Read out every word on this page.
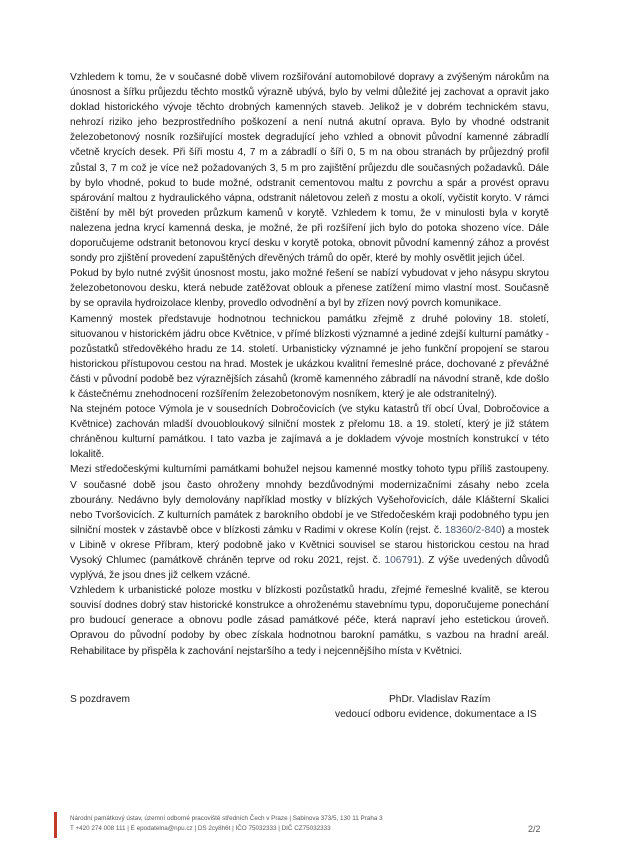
Vzhledem k tomu, že v současné době vlivem rozšiřování automobilové dopravy a zvýšeným nárokům na únosnost a šířku průjezdu těchto mostků výrazně ubývá, bylo by velmi důležité jej zachovat a opravit jako doklad historického vývoje těchto drobných kamenných staveb. Jelikož je v dobrém technickém stavu, nehrozí riziko jeho bezprostředního poškození a není nutná akutní oprava. Bylo by vhodné odstranit železobetonový nosník rozšiřující mostek degradující jeho vzhled a obnovit původní kamenné zábradlí včetně krycích desek. Při šíři mostu 4, 7 m a zábradlí o šíři 0, 5 m na obou stranách by průjezdný profil zůstal 3, 7 m což je více než požadovaných 3, 5 m pro zajištění průjezdu dle současných požadavků. Dále by bylo vhodné, pokud to bude možné, odstranit cementovou maltu z povrchu a spár a provést opravu spárování maltou z hydraulického vápna, odstranit náletovou zeleň z mostu a okolí, vyčistit koryto. V rámci čištění by měl být proveden průzkum kamenů v korytě. Vzhledem k tomu, že v minulosti byla v korytě nalezena jedna krycí kamenná deska, je možné, že při rozšíření jich bylo do potoka shozeno více. Dále doporučujeme odstranit betonovou krycí desku v korytě potoka, obnovit původní kamenný zához a provést sondy pro zjištění provedení zapuštěných dřevěných trámů do opěr, které by mohly osvětlit jejich účel.

Pokud by bylo nutné zvýšit únosnost mostu, jako možné řešení se nabízí vybudovat v jeho násypu skrytou železobetonovou desku, která nebude zatěžovat oblouk a přenese zatížení mimo vlastní most. Současně by se opravila hydroizolace klenby, provedlo odvodnění a byl by zřízen nový povrch komunikace.

Kamenný mostek představuje hodnotnou technickou památku zřejmě z druhé poloviny 18. století, situovanou v historickém jádru obce Květnice, v přímé blízkosti významné a jediné zdejší kulturní památky - pozůstatků středověkého hradu ze 14. století. Urbanisticky významné je jeho funkční propojení se starou historickou přístupovou cestou na hrad. Mostek je ukázkou kvalitní řemeslné práce, dochované z převážné části v původní podobě bez výraznějších zásahů (kromě kamenného zábradlí na návodní straně, kde došlo k částečnému znehodnocení rozšířením železobetonovým nosníkem, který je ale odstranitelný).

Na stejném potoce Výmola je v sousedních Dobročovicích (ve styku katastrů tří obcí Úval, Dobročovice a Květnice) zachován mladší dvouobloukový silniční mostek z přelomu 18. a 19. století, který je již státem chráněnou kulturní památkou. I tato vazba je zajímavá a je dokladem vývoje mostních konstrukcí v této lokalitě.

Mezi středočeskými kulturními památkami bohužel nejsou kamenné mostky tohoto typu příliš zastoupeny. V současné době jsou často ohroženy mnohdy bezdůvodnými modernizačními zásahy nebo zcela zbourány. Nedávno byly demolovány například mostky v blízkých Vyšehořovicích, dále Klášterní Skalici nebo Tvoršovicích. Z kulturních památek z barokního období je ve Středočeském kraji podobného typu jen silniční mostek v zástavbě obce v blízkosti zámku v Radimi v okrese Kolín (rejst. č. 18360/2-840) a mostek v Libině v okrese Příbram, který podobně jako v Květnici souvisel se starou historickou cestou na hrad Vysoký Chlumec (památkově chráněn teprve od roku 2021, rejst. č. 106791). Z výše uvedených důvodů vyplývá, že jsou dnes již celkem vzácné.

Vzhledem k urbanistické poloze mostku v blízkosti pozůstatků hradu, zřejmé řemeslné kvalitě, se kterou souvisí dodnes dobrý stav historické konstrukce a ohroženému stavebnímu typu, doporučujeme ponechání pro budoucí generace a obnovu podle zásad památkové péče, která napraví jeho estetickou úroveň. Opravou do původní podoby by obec získala hodnotnou barokní památku, s vazbou na hradní areál. Rehabilitace by přispěla k zachování nejstaršího a tedy i nejcennějšího místa v Květnici.

S pozdravem	PhDr. Vladislav Razím
vedoucí odboru evidence, dokumentace a IS
Národní památkový ústav, územní odborné pracoviště středních Čech v Praze | Sabinova 373/5, 130 11 Praha 3
T +420 274 008 111 | E epodatelna@npu.cz | DS 2cy8h6t | IČO 75032333 | DIČ CZ75032333	2/2
